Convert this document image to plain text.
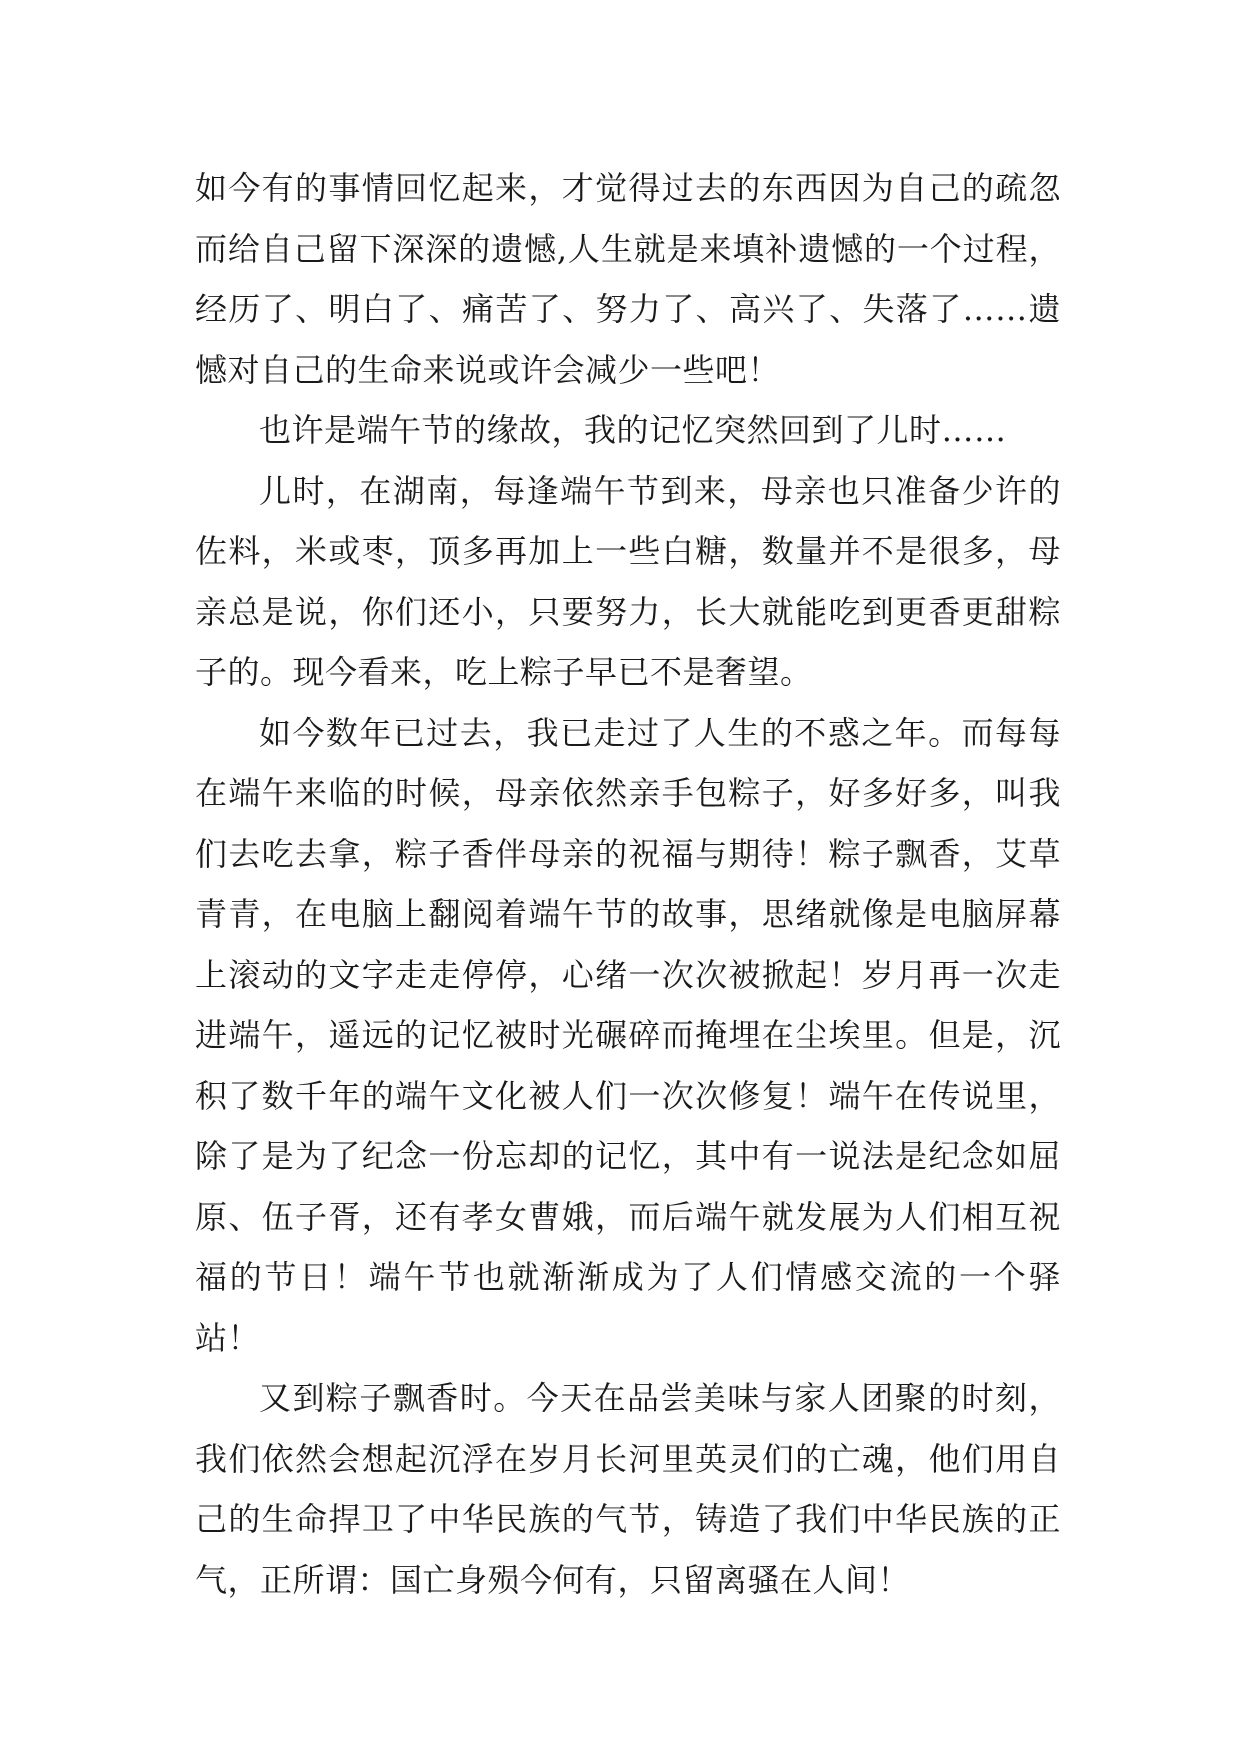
如今有的事情回忆起来，才觉得过去的东西因为自己的疏忽
而给自己留下深深的遗憾,人生就是来填补遗憾的一个过程，
经历了、明白了、痛苦了、努力了、高兴了、失落了……遗
憾对自己的生命来说或许会减少一些吧！
也许是端午节的缘故，我的记忆突然回到了儿时……
儿时，在湖南，每逢端午节到来，母亲也只准备少许的
佐料，米或枣，顶多再加上一些白糖，数量并不是很多，母
亲总是说，你们还小，只要努力，长大就能吃到更香更甜粽
子的。现今看来，吃上粽子早已不是奢望。
如今数年已过去，我已走过了人生的不惑之年。而每每
在端午来临的时候，母亲依然亲手包粽子，好多好多，叫我
们去吃去拿，粽子香伴母亲的祝福与期待！粽子飘香，艾草
青青，在电脑上翻阅着端午节的故事，思绪就像是电脑屏幕
上滚动的文字走走停停，心绪一次次被掀起！岁月再一次走
进端午，遥远的记忆被时光碾碎而掩埋在尘埃里。但是，沉
积了数千年的端午文化被人们一次次修复！端午在传说里，
除了是为了纪念一份忘却的记忆，其中有一说法是纪念如屈
原、伍子胥，还有孝女曹娥，而后端午就发展为人们相互祝
福的节日！端午节也就渐渐成为了人们情感交流的一个驿
站！
又到粽子飘香时。今天在品尝美味与家人团聚的时刻，
我们依然会想起沉浮在岁月长河里英灵们的亡魂，他们用自
己的生命捍卫了中华民族的气节，铸造了我们中华民族的正
气，正所谓：国亡身殒今何有，只留离骚在人间！
